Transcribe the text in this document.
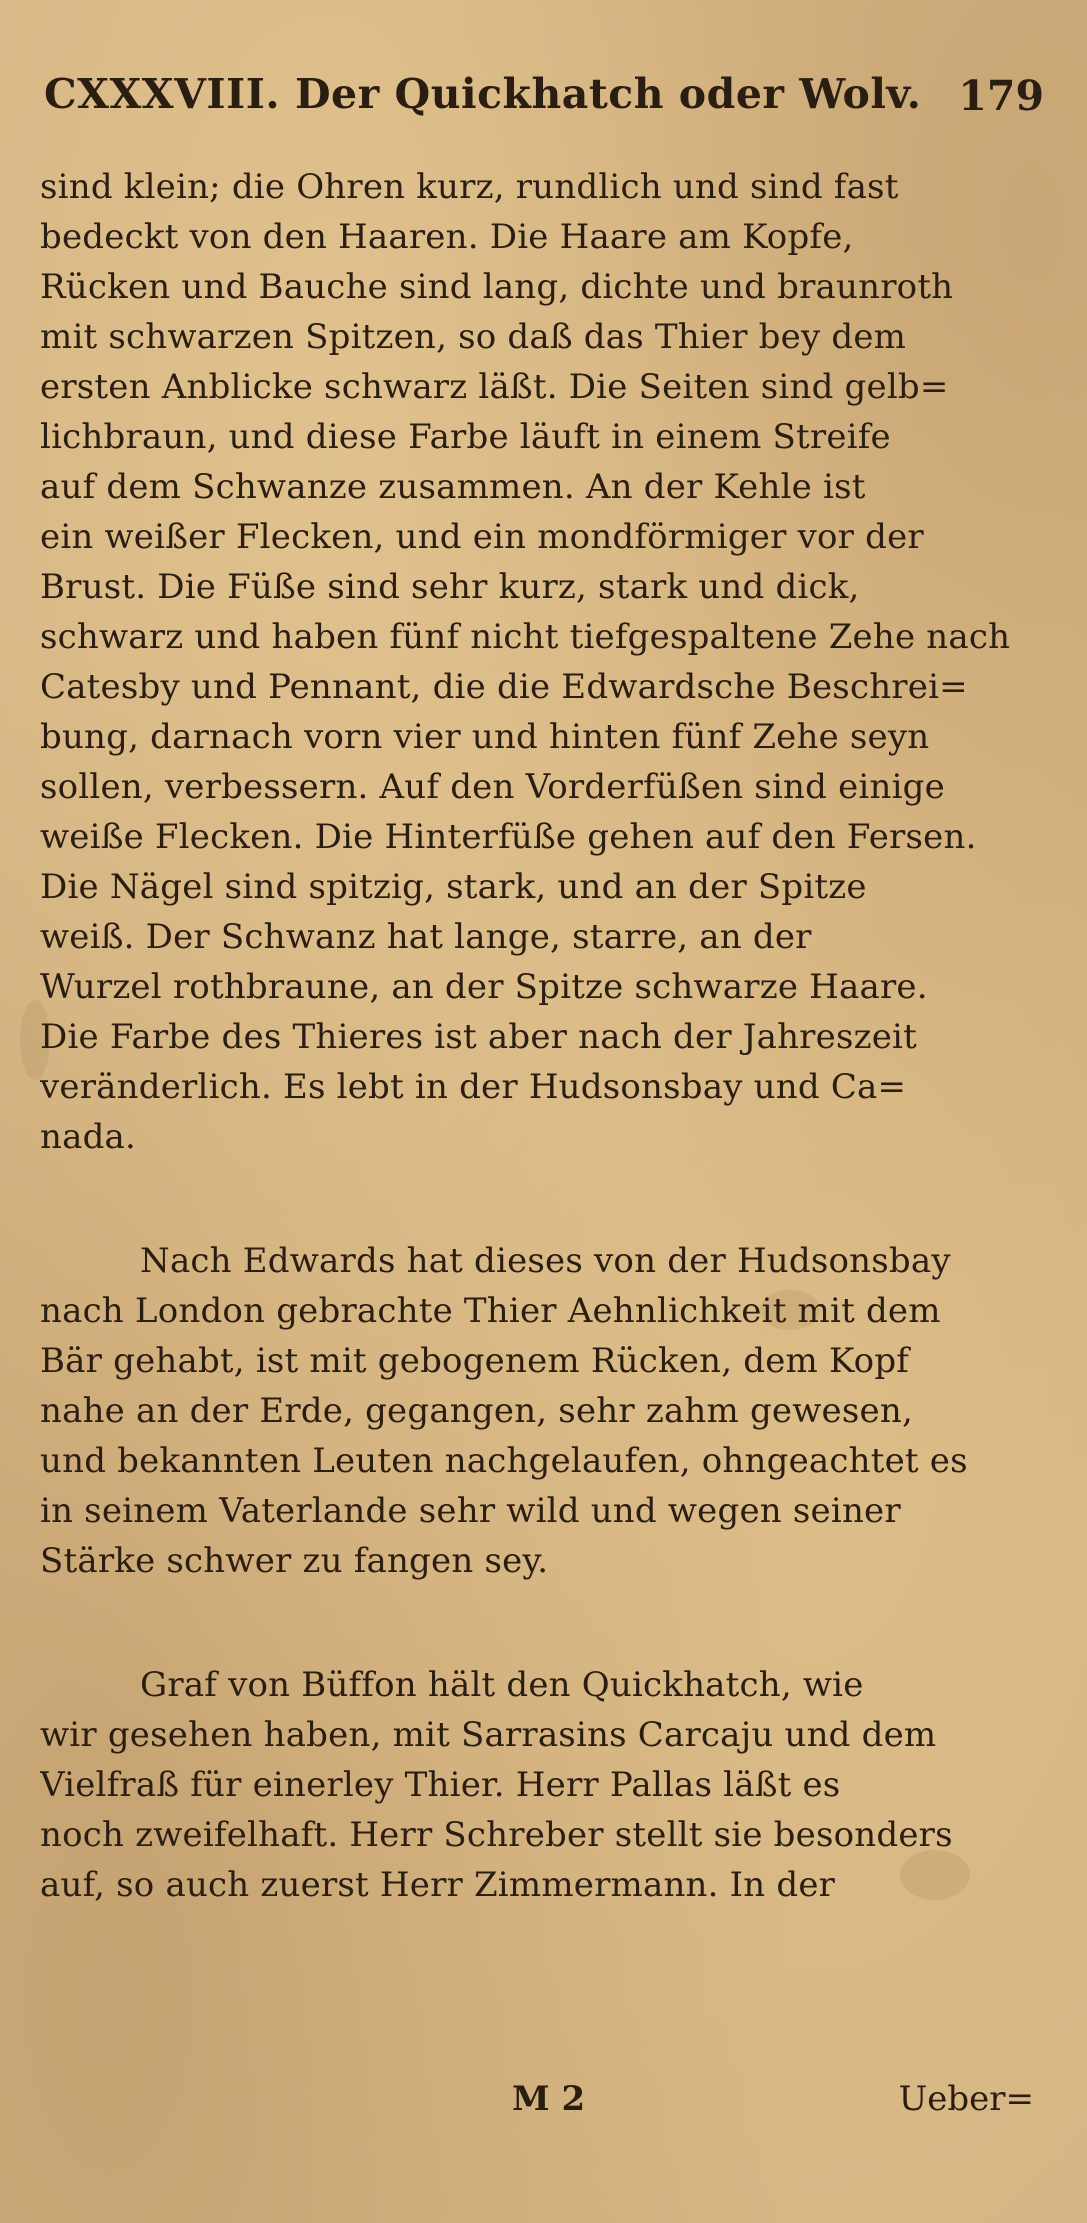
CXXXVIII. Der Quickhatch oder Wolv. 179
sind klein; die Ohren kurz, rundlich und sind fast
bedeckt von den Haaren. Die Haare am Kopfe,
Rücken und Bauche sind lang, dichte und braunroth
mit schwarzen Spitzen, so daß das Thier bey dem
ersten Anblicke schwarz läßt. Die Seiten sind gelb=
lichbraun, und diese Farbe läuft in einem Streife
auf dem Schwanze zusammen. An der Kehle ist
ein weißer Flecken, und ein mondförmiger vor der
Brust. Die Füße sind sehr kurz, stark und dick,
schwarz und haben fünf nicht tiefgespaltene Zehe nach
Catesby und Pennant, die die Edwardsche Beschrei=
bung, darnach vorn vier und hinten fünf Zehe seyn
sollen, verbessern. Auf den Vorderfüßen sind einige
weiße Flecken. Die Hinterfüße gehen auf den Fersen.
Die Nägel sind spitzig, stark, und an der Spitze
weiß. Der Schwanz hat lange, starre, an der
Wurzel rothbraune, an der Spitze schwarze Haare.
Die Farbe des Thieres ist aber nach der Jahreszeit
veränderlich. Es lebt in der Hudsonsbay und Ca=
nada.
Nach Edwards hat dieses von der Hudsonsbay
nach London gebrachte Thier Aehnlichkeit mit dem
Bär gehabt, ist mit gebogenem Rücken, dem Kopf
nahe an der Erde, gegangen, sehr zahm gewesen,
und bekannten Leuten nachgelaufen, ohngeachtet es
in seinem Vaterlande sehr wild und wegen seiner
Stärke schwer zu fangen sey.
Graf von Büffon hält den Quickhatch, wie
wir gesehen haben, mit Sarrasins Carcaju und dem
Vielfraß für einerley Thier. Herr Pallas läßt es
noch zweifelhaft. Herr Schreber stellt sie besonders
auf, so auch zuerst Herr Zimmermann. In der
M 2	Ueber=
